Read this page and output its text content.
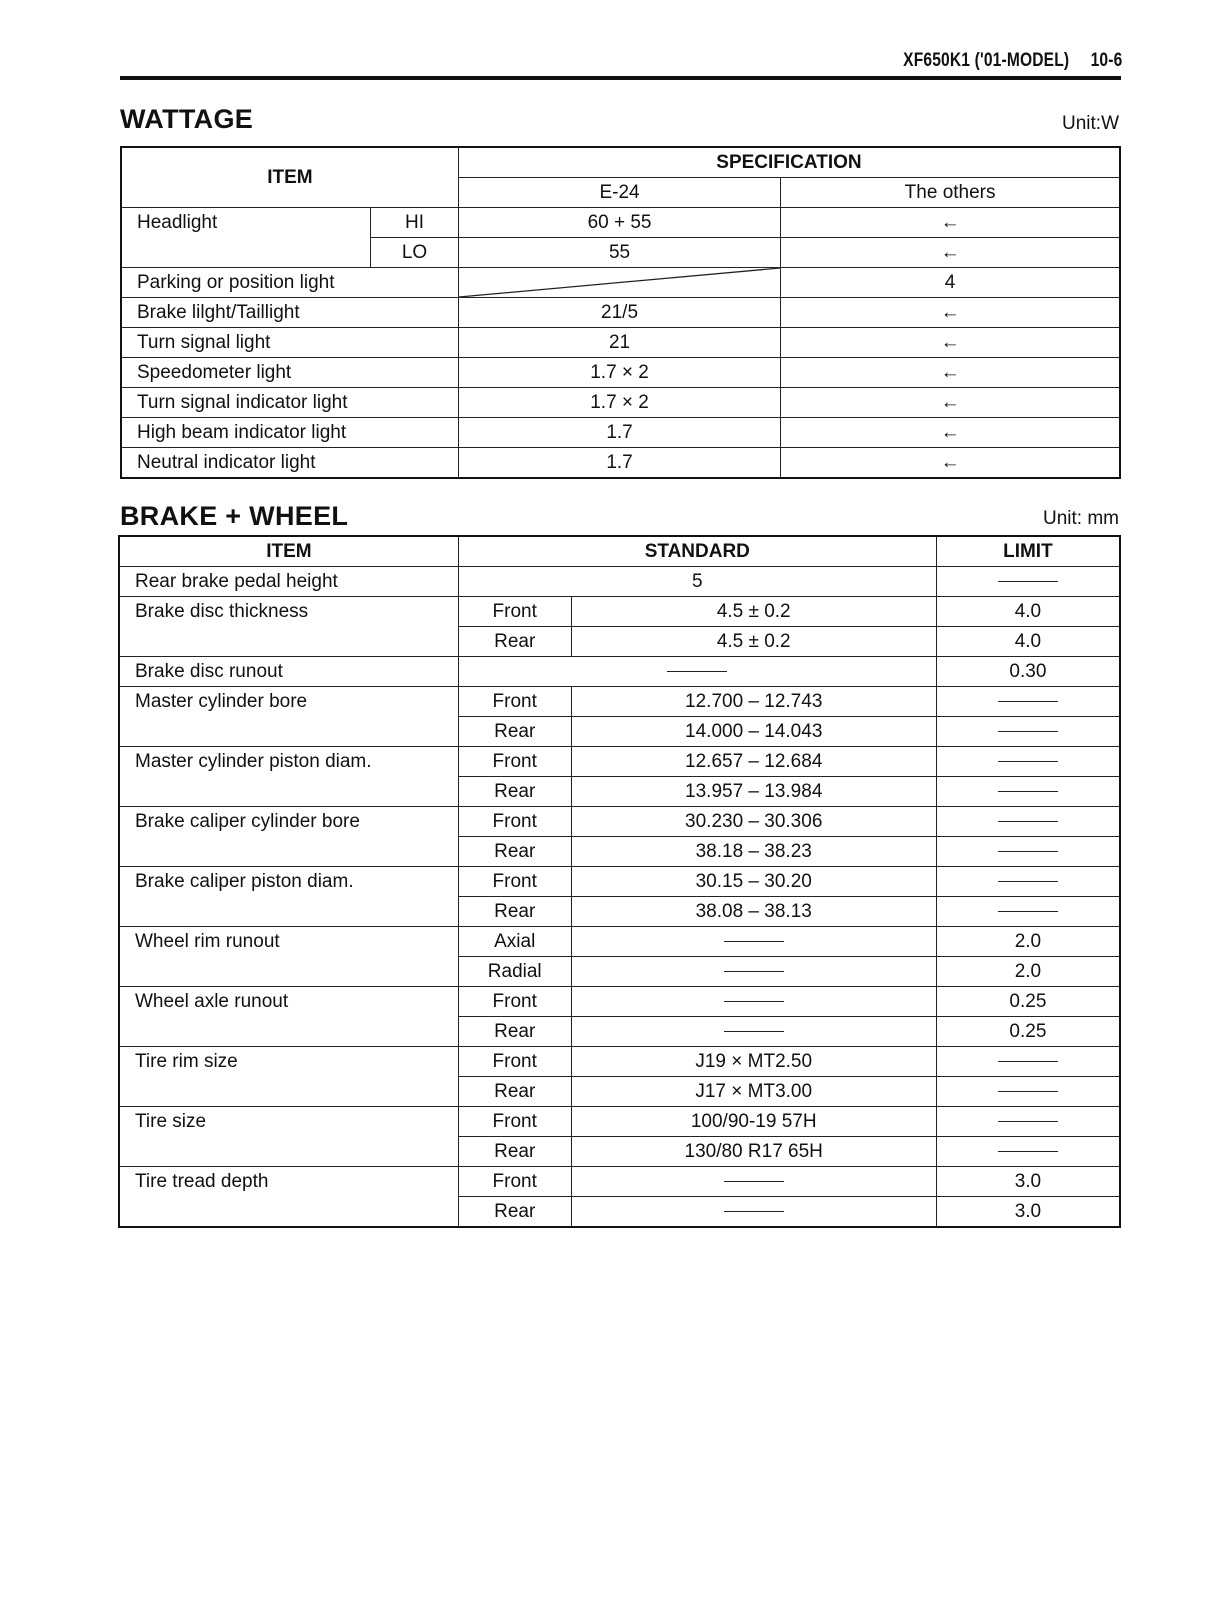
XF650K1 ('01-MODEL) 10-6
WATTAGE	Unit:W
ITEM		SPECIFICATION	
		E-24	The others
Headlight	HI	60 + 55	←
	LO	55	←
Parking or position light			4
Brake lilght/Taillight		21/5	←
Turn signal light		21	←
Speedometer light		1.7 × 2	←
Turn signal indicator light		1.7 × 2	←
High beam indicator light		1.7	←
Neutral indicator light		1.7	←
BRAKE + WHEEL	Unit: mm
ITEM	STANDARD		LIMIT
Rear brake pedal height	5		
Brake disc thickness	Front	4.5 ± 0.2	4.0
	Rear	4.5 ± 0.2	4.0
Brake disc runout			0.30
Master cylinder bore	Front	12.700 – 12.743	
	Rear	14.000 – 14.043	
Master cylinder piston diam.	Front	12.657 – 12.684	
	Rear	13.957 – 13.984	
Brake caliper cylinder bore	Front	30.230 – 30.306	
	Rear	38.18 – 38.23	
Brake caliper piston diam.	Front	30.15 – 30.20	
	Rear	38.08 – 38.13	
Wheel rim runout	Axial		2.0
	Radial		2.0
Wheel axle runout	Front		0.25
	Rear		0.25
Tire rim size	Front	J19 × MT2.50	
	Rear	J17 × MT3.00	
Tire size	Front	100/90-19 57H	
	Rear	130/80 R17 65H	
Tire tread depth	Front		3.0
	Rear		3.0
